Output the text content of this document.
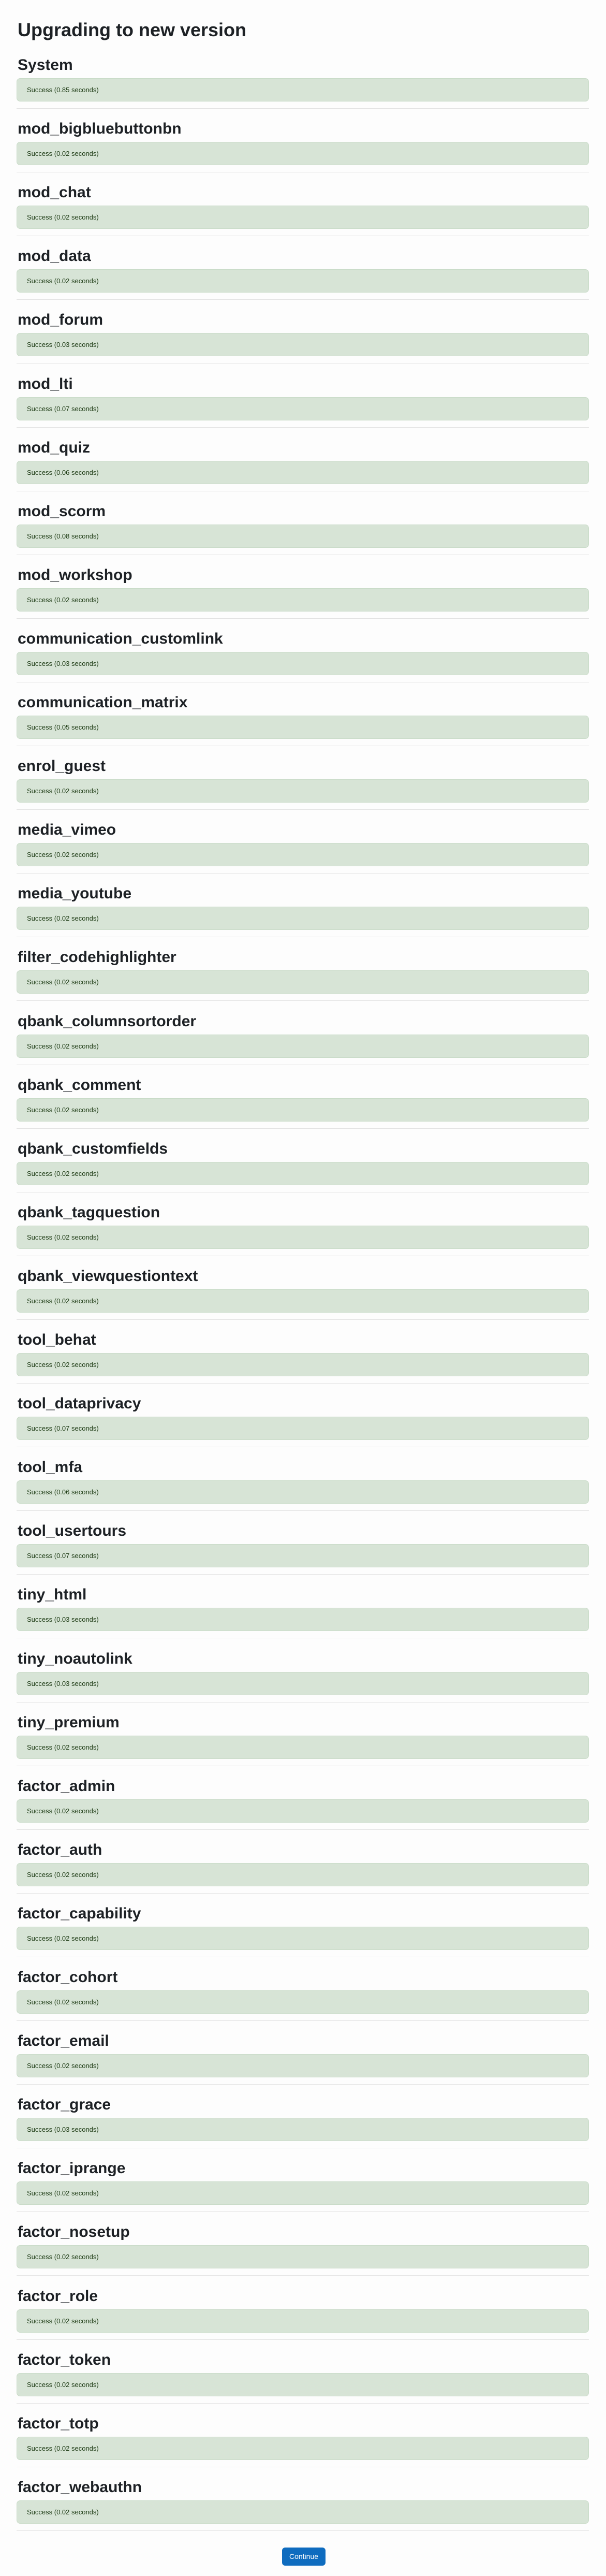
Upgrading to new version
System
Success (0.85 seconds)
mod_bigbluebuttonbn
Success (0.02 seconds)
mod_chat
Success (0.02 seconds)
mod_data
Success (0.02 seconds)
mod_forum
Success (0.03 seconds)
mod_lti
Success (0.07 seconds)
mod_quiz
Success (0.06 seconds)
mod_scorm
Success (0.08 seconds)
mod_workshop
Success (0.02 seconds)
communication_customlink
Success (0.03 seconds)
communication_matrix
Success (0.05 seconds)
enrol_guest
Success (0.02 seconds)
media_vimeo
Success (0.02 seconds)
media_youtube
Success (0.02 seconds)
filter_codehighlighter
Success (0.02 seconds)
qbank_columnsortorder
Success (0.02 seconds)
qbank_comment
Success (0.02 seconds)
qbank_customfields
Success (0.02 seconds)
qbank_tagquestion
Success (0.02 seconds)
qbank_viewquestiontext
Success (0.02 seconds)
tool_behat
Success (0.02 seconds)
tool_dataprivacy
Success (0.07 seconds)
tool_mfa
Success (0.06 seconds)
tool_usertours
Success (0.07 seconds)
tiny_html
Success (0.03 seconds)
tiny_noautolink
Success (0.03 seconds)
tiny_premium
Success (0.02 seconds)
factor_admin
Success (0.02 seconds)
factor_auth
Success (0.02 seconds)
factor_capability
Success (0.02 seconds)
factor_cohort
Success (0.02 seconds)
factor_email
Success (0.02 seconds)
factor_grace
Success (0.03 seconds)
factor_iprange
Success (0.02 seconds)
factor_nosetup
Success (0.02 seconds)
factor_role
Success (0.02 seconds)
factor_token
Success (0.02 seconds)
factor_totp
Success (0.02 seconds)
factor_webauthn
Success (0.02 seconds)
Continue
